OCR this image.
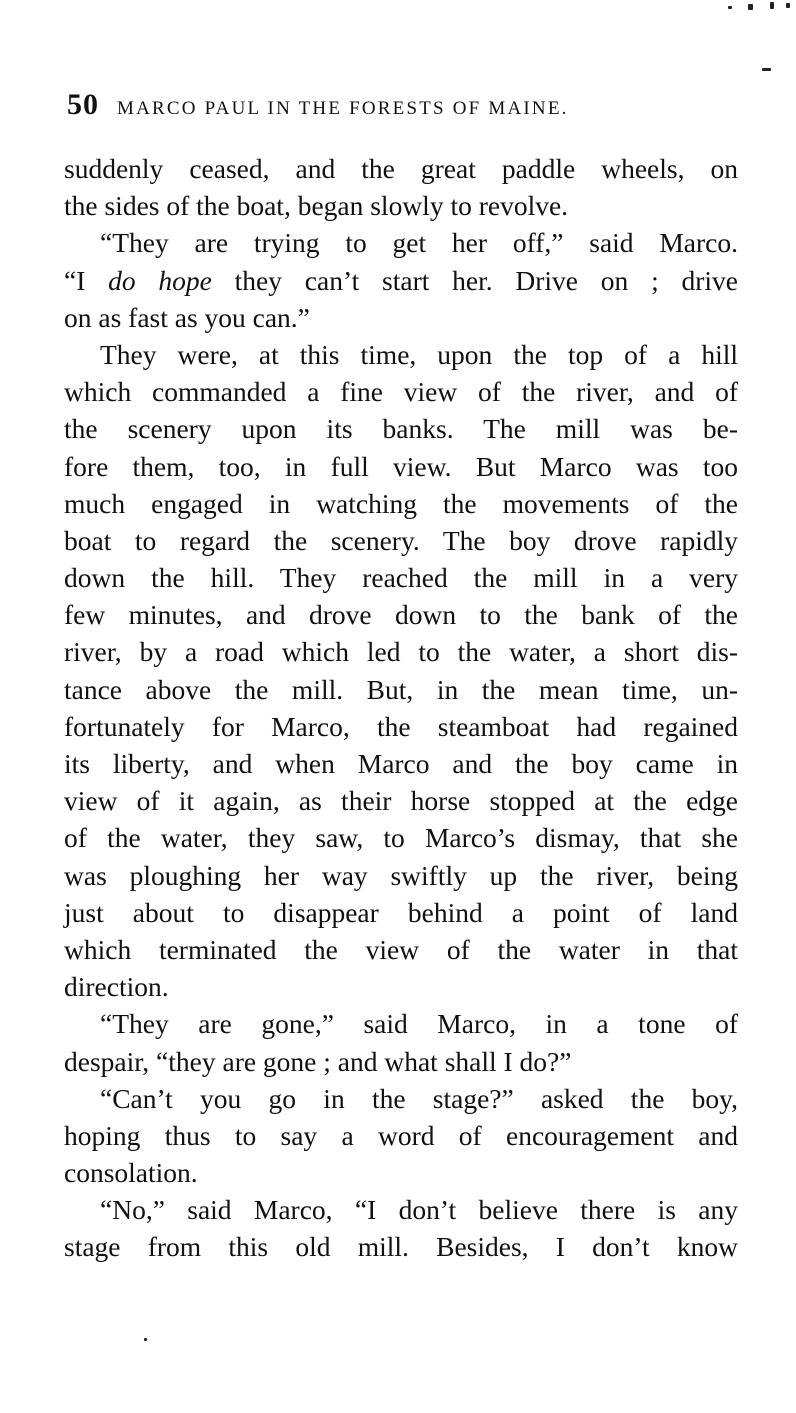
50 MARCO PAUL IN THE FORESTS OF MAINE.
suddenly ceased, and the great paddle wheels, on
the sides of the boat, began slowly to revolve.
“They are trying to get her off,” said Marco.
“I do hope they can’t start her. Drive on ; drive
on as fast as you can.”
They were, at this time, upon the top of a hill
which commanded a fine view of the river, and of
the scenery upon its banks. The mill was be-
fore them, too, in full view. But Marco was too
much engaged in watching the movements of the
boat to regard the scenery. The boy drove rapidly
down the hill. They reached the mill in a very
few minutes, and drove down to the bank of the
river, by a road which led to the water, a short dis-
tance above the mill. But, in the mean time, un-
fortunately for Marco, the steamboat had regained
its liberty, and when Marco and the boy came in
view of it again, as their horse stopped at the edge
of the water, they saw, to Marco’s dismay, that she
was ploughing her way swiftly up the river, being
just about to disappear behind a point of land
which terminated the view of the water in that
direction.
“They are gone,” said Marco, in a tone of
despair, “they are gone ; and what shall I do?”
“Can’t you go in the stage?” asked the boy,
hoping thus to say a word of encouragement and
consolation.
“No,” said Marco, “I don’t believe there is any
stage from this old mill. Besides, I don’t know
